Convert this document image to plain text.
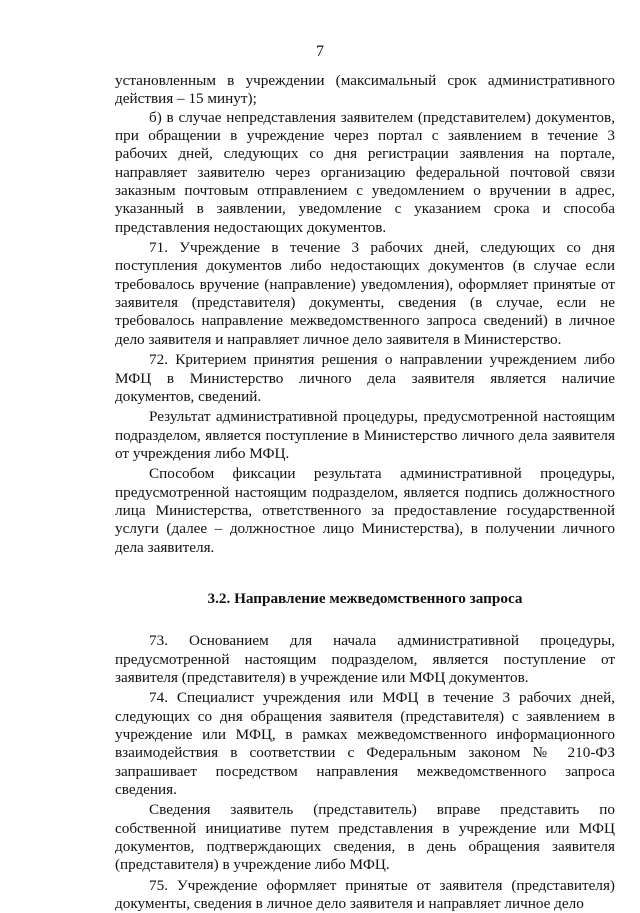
7

установленным в учреждении (максимальный срок административного действия – 15 минут);

б) в случае непредставления заявителем (представителем) документов, при обращении в учреждение через портал с заявлением в течение 3 рабочих дней, следующих со дня регистрации заявления на портале, направляет заявителю через организацию федеральной почтовой связи заказным почтовым отправлением с уведомлением о вручении в адрес, указанный в заявлении, уведомление с указанием срока и способа представления недостающих документов.

71. Учреждение в течение 3 рабочих дней, следующих со дня поступления документов либо недостающих документов (в случае если требовалось вручение (направление) уведомления), оформляет принятые от заявителя (представителя) документы, сведения (в случае, если не требовалось направление межведомственного запроса сведений) в личное дело заявителя и направляет личное дело заявителя в Министерство.

72. Критерием принятия решения о направлении учреждением либо МФЦ в Министерство личного дела заявителя является наличие документов, сведений.

Результат административной процедуры, предусмотренной настоящим подразделом, является поступление в Министерство личного дела заявителя от учреждения либо МФЦ.

Способом фиксации результата административной процедуры, предусмотренной настоящим подразделом, является подпись должностного лица Министерства, ответственного за предоставление государственной услуги (далее – должностное лицо Министерства), в получении личного дела заявителя.

3.2. Направление межведомственного запроса

73. Основанием для начала административной процедуры, предусмотренной настоящим подразделом, является поступление от заявителя (представителя) в учреждение или МФЦ документов.

74. Специалист учреждения или МФЦ в течение 3 рабочих дней, следующих со дня обращения заявителя (представителя) с заявлением в учреждение или МФЦ, в рамках межведомственного информационного взаимодействия в соответствии с Федеральным законом № 210-ФЗ запрашивает посредством направления межведомственного запроса сведения.

Сведения заявитель (представитель) вправе представить по собственной инициативе путем представления в учреждение или МФЦ документов, подтверждающих сведения, в день обращения заявителя (представителя) в учреждение либо МФЦ.

75. Учреждение оформляет принятые от заявителя (представителя) документы, сведения в личное дело заявителя и направляет личное дело
